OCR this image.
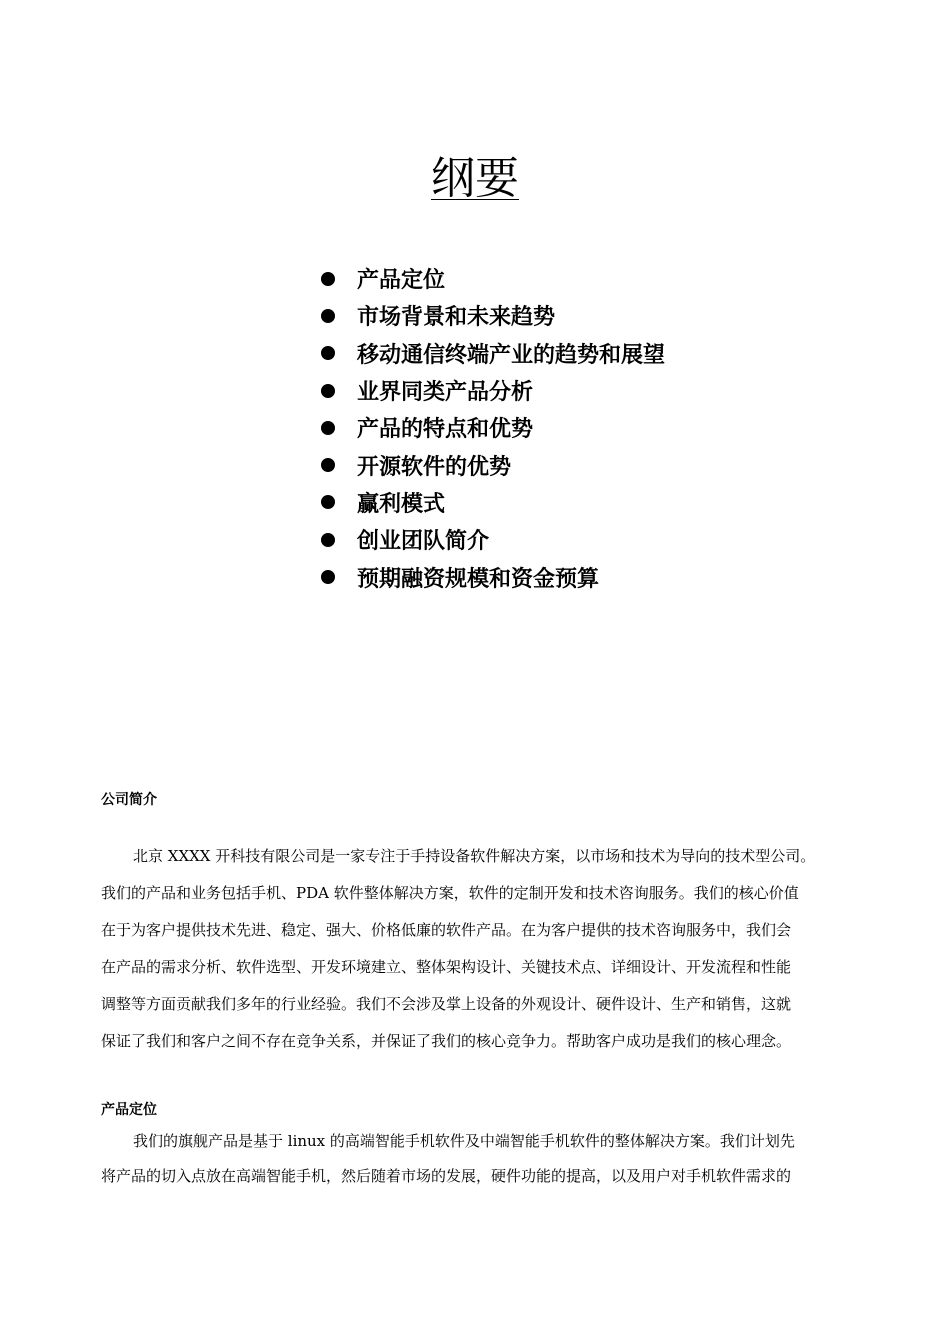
纲要
产品定位
市场背景和未来趋势
移动通信终端产业的趋势和展望
业界同类产品分析
产品的特点和优势
开源软件的优势
赢利模式
创业团队简介
预期融资规模和资金预算
公司简介

北京 XXXX 开科技有限公司是一家专注于手持设备软件解决方案，以市场和技术为导向的技术型公司。
我们的产品和业务包括手机、PDA 软件整体解决方案，软件的定制开发和技术咨询服务。我们的核心价值
在于为客户提供技术先进、稳定、强大、价格低廉的软件产品。在为客户提供的技术咨询服务中，我们会
在产品的需求分析、软件选型、开发环境建立、整体架构设计、关键技术点、详细设计、开发流程和性能
调整等方面贡献我们多年的行业经验。我们不会涉及掌上设备的外观设计、硬件设计、生产和销售，这就
保证了我们和客户之间不存在竞争关系，并保证了我们的核心竞争力。帮助客户成功是我们的核心理念。

产品定位

我们的旗舰产品是基于 linux 的高端智能手机软件及中端智能手机软件的整体解决方案。我们计划先
将产品的切入点放在高端智能手机，然后随着市场的发展，硬件功能的提高，以及用户对手机软件需求的
